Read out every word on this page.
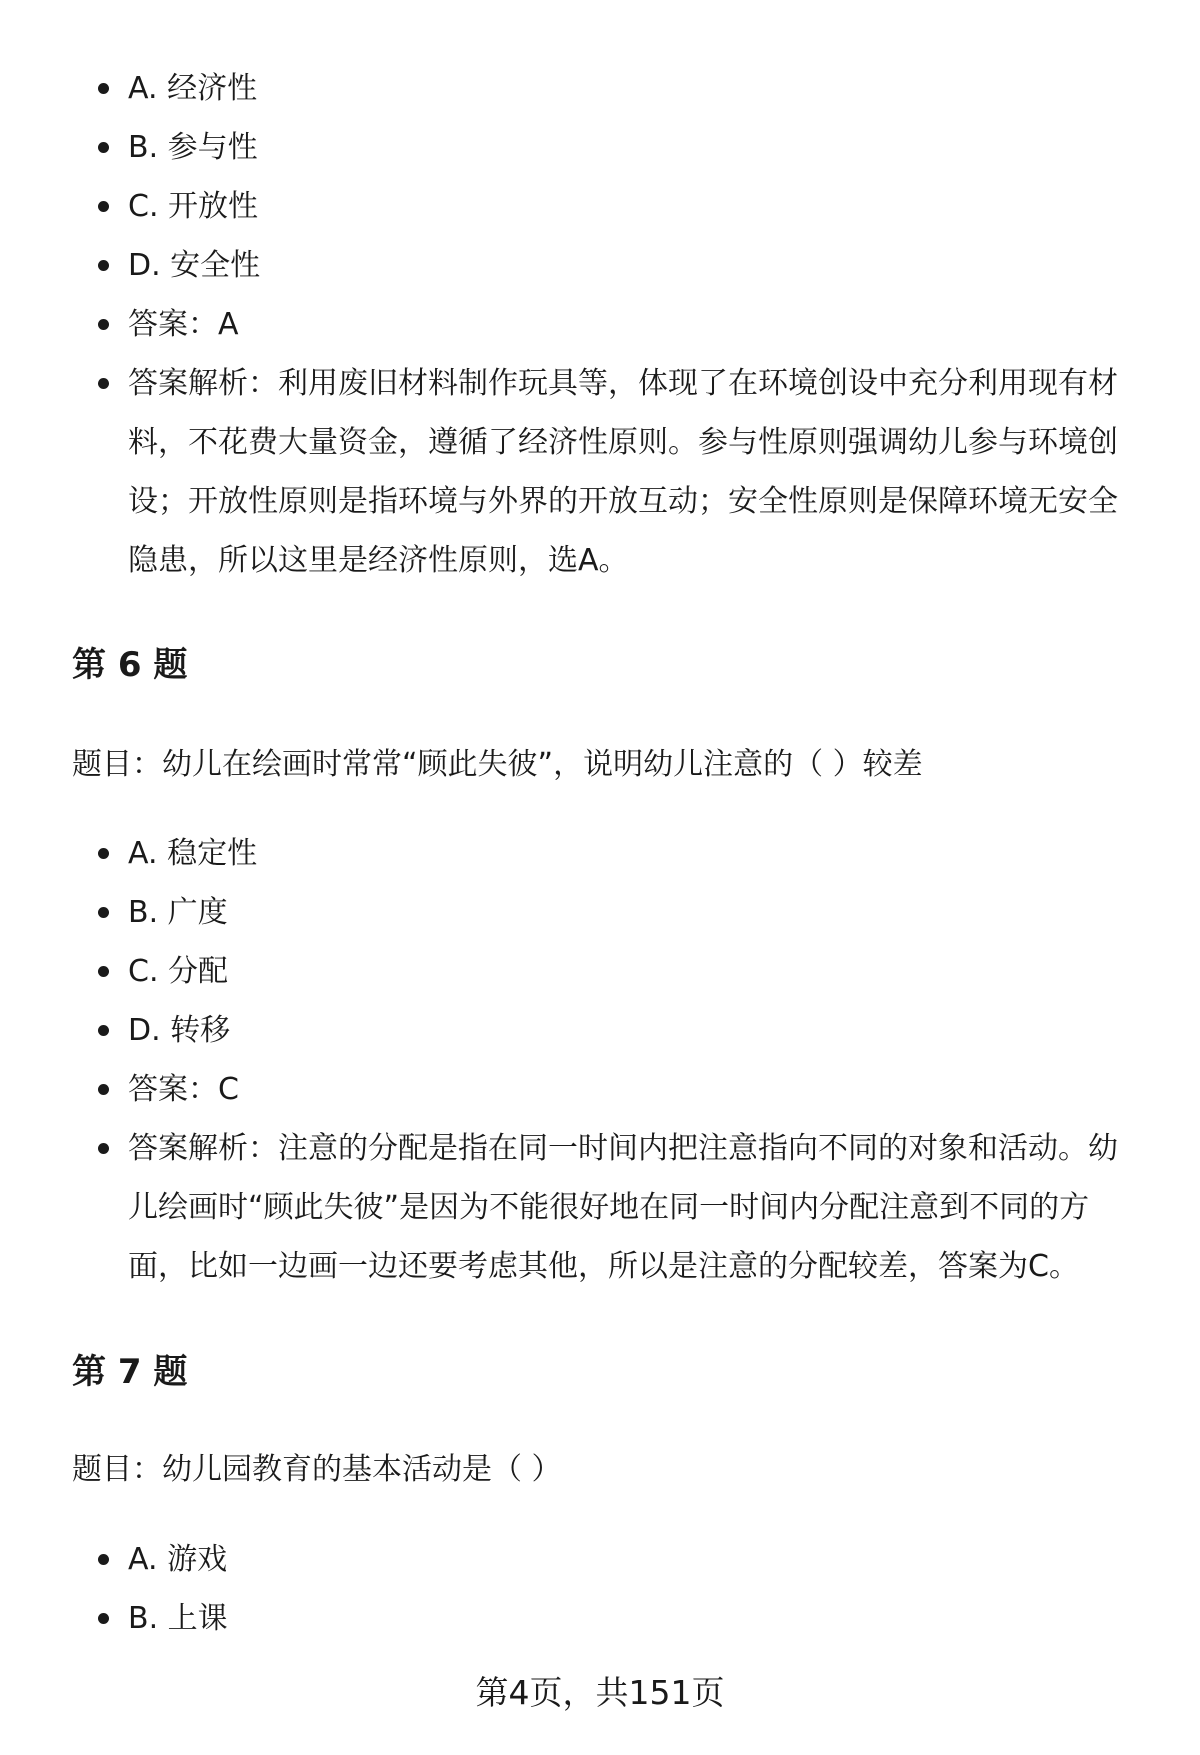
A. 经济性
B. 参与性
C. 开放性
D. 安全性
答案：A
答案解析：利用废旧材料制作玩具等，体现了在环境创设中充分利用现有材料，不花费大量资金，遵循了经济性原则。参与性原则强调幼儿参与环境创设；开放性原则是指环境与外界的开放互动；安全性原则是保障环境无安全隐患，所以这里是经济性原则，选A。
第 6 题

题目：幼儿在绘画时常常“顾此失彼”，说明幼儿注意的（ ）较差

A. 稳定性
B. 广度
C. 分配
D. 转移
答案：C
答案解析：注意的分配是指在同一时间内把注意指向不同的对象和活动。幼儿绘画时“顾此失彼”是因为不能很好地在同一时间内分配注意到不同的方面，比如一边画一边还要考虑其他，所以是注意的分配较差，答案为C。
第 7 题

题目：幼儿园教育的基本活动是（ ）

A. 游戏
B. 上课
第4页，共151页
